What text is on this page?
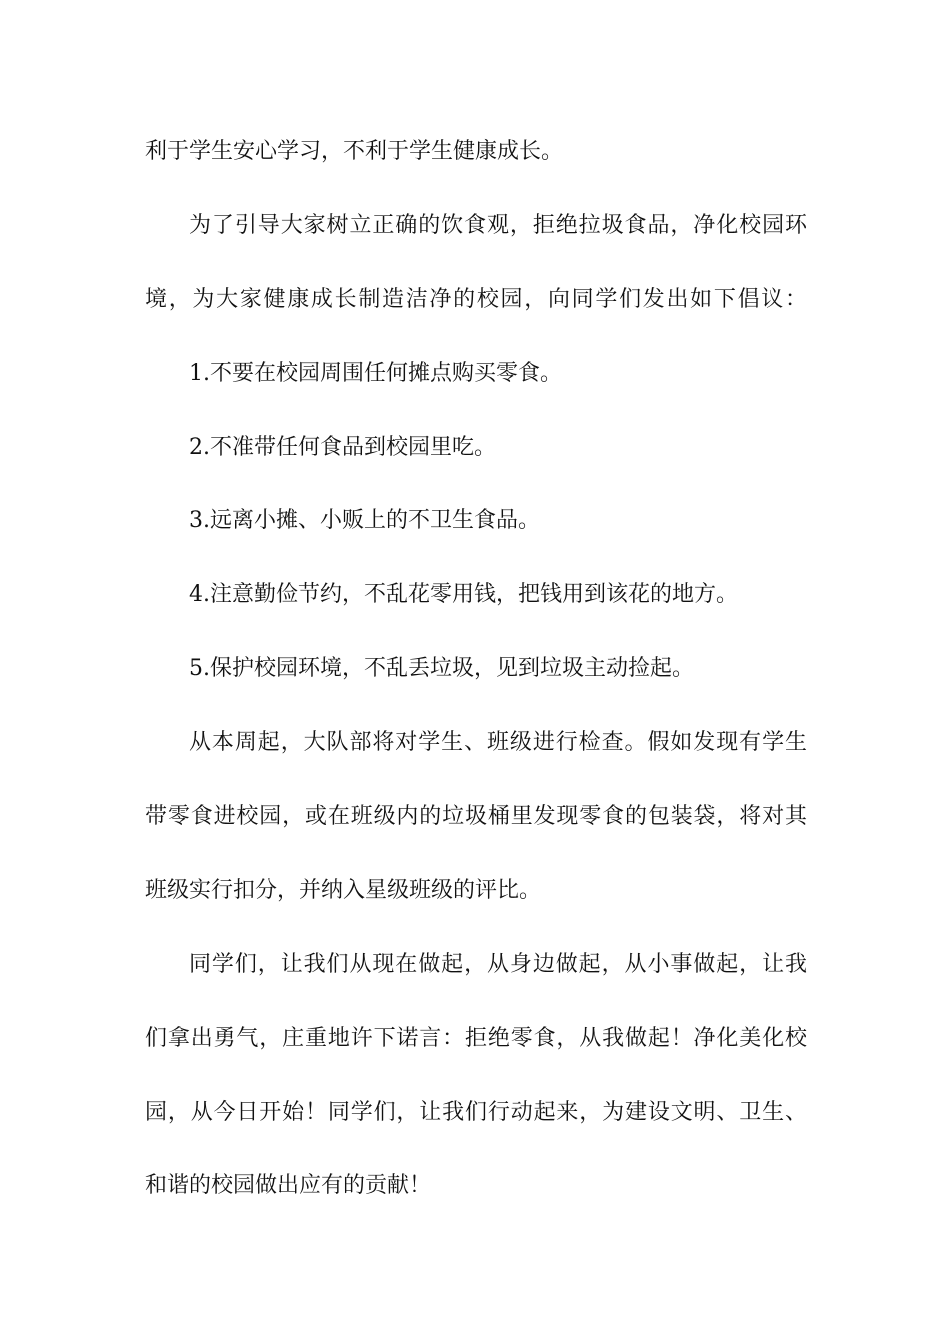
利于学生安心学习，不利于学生健康成长。
为了引导大家树立正确的饮食观，拒绝拉圾食品，净化校园环
境，为大家健康成长制造洁净的校园，向同学们发出如下倡议：
1.不要在校园周围任何摊点购买零食。
2.不准带任何食品到校园里吃。
3.远离小摊、小贩上的不卫生食品。
4.注意勤俭节约，不乱花零用钱，把钱用到该花的地方。
5.保护校园环境，不乱丢垃圾，见到垃圾主动捡起。
从本周起，大队部将对学生、班级进行检查。假如发现有学生
带零食进校园，或在班级内的垃圾桶里发现零食的包装袋，将对其
班级实行扣分，并纳入星级班级的评比。
同学们，让我们从现在做起，从身边做起，从小事做起，让我
们拿出勇气，庄重地许下诺言：拒绝零食，从我做起！净化美化校
园，从今日开始！同学们，让我们行动起来，为建设文明、卫生、
和谐的校园做出应有的贡献！
